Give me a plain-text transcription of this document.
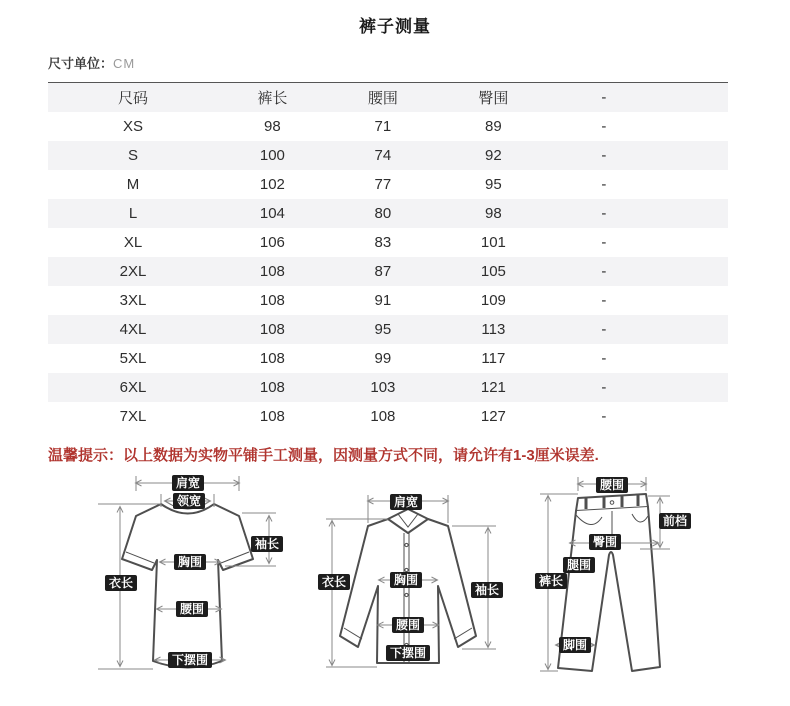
裤子测量
尺寸单位：CM
尺码	裤长	腰围	臀围	-	
XS	98	71	89	-	
S	100	74	92	-	
M	102	77	95	-	
L	104	80	98	-	
XL	106	83	101	-	
2XL	108	87	105	-	
3XL	108	91	109	-	
4XL	108	95	113	-	
5XL	108	99	117	-	
6XL	108	103	121	-	
7XL	108	108	127	-	
温馨提示：以上数据为实物平铺手工测量，因测量方式不同，请允许有1-3厘米误差.
肩宽
领宽
袖长
胸围
衣长
腰围
下摆围
肩宽
衣长	胸围
袖长
腰围
下摆围
腰围
前档
臀围
腿围
裤长
脚围
